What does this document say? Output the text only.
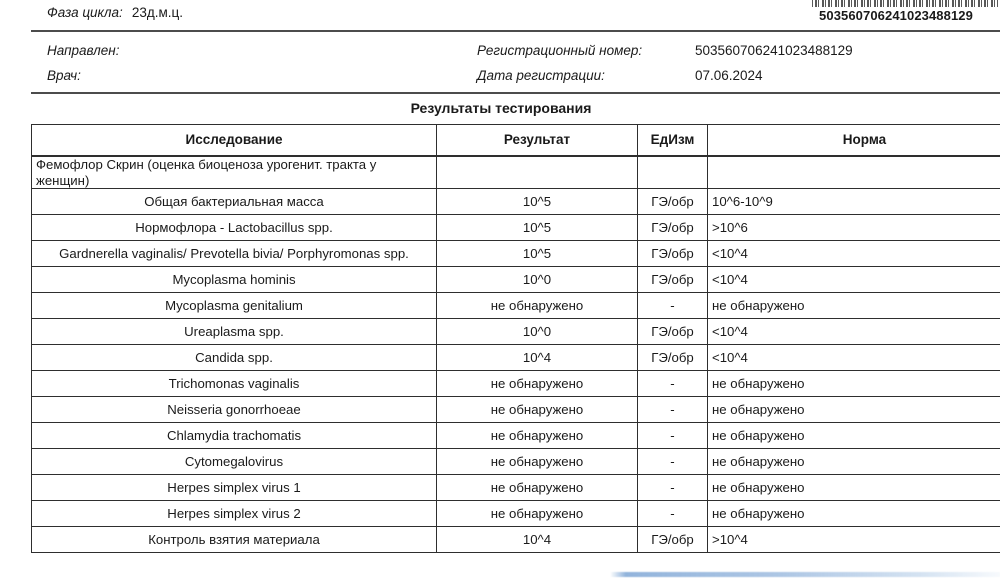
503560706241023488129
Фаза цикла: 23д.м.ц.
Направлен:	Регистрационный номер:	503560706241023488129
Врач:	Дата регистрации:	07.06.2024
Результаты тестирования
Исследование	Результат	ЕдИзм	Норма
Фемофлор Скрин (оценка биоценоза урогенит. тракта у женщин)			
Общая бактериальная масса	10^5	ГЭ/обр	10^6-10^9
Нормофлора - Lactobacillus spp.	10^5	ГЭ/обр	>10^6
Gardnerella vaginalis/ Prevotella bivia/ Porphyromonas spp.	10^5	ГЭ/обр	<10^4
Mycoplasma hominis	10^0	ГЭ/обр	<10^4
Mycoplasma genitalium	не обнаружено	-	не обнаружено
Ureaplasma spp.	10^0	ГЭ/обр	<10^4
Candida spp.	10^4	ГЭ/обр	<10^4
Trichomonas vaginalis	не обнаружено	-	не обнаружено
Neisseria gonorrhoeae	не обнаружено	-	не обнаружено
Chlamydia trachomatis	не обнаружено	-	не обнаружено
Cytomegalovirus	не обнаружено	-	не обнаружено
Herpes simplex virus 1	не обнаружено	-	не обнаружено
Herpes simplex virus 2	не обнаружено	-	не обнаружено
Контроль взятия материала	10^4	ГЭ/обр	>10^4
